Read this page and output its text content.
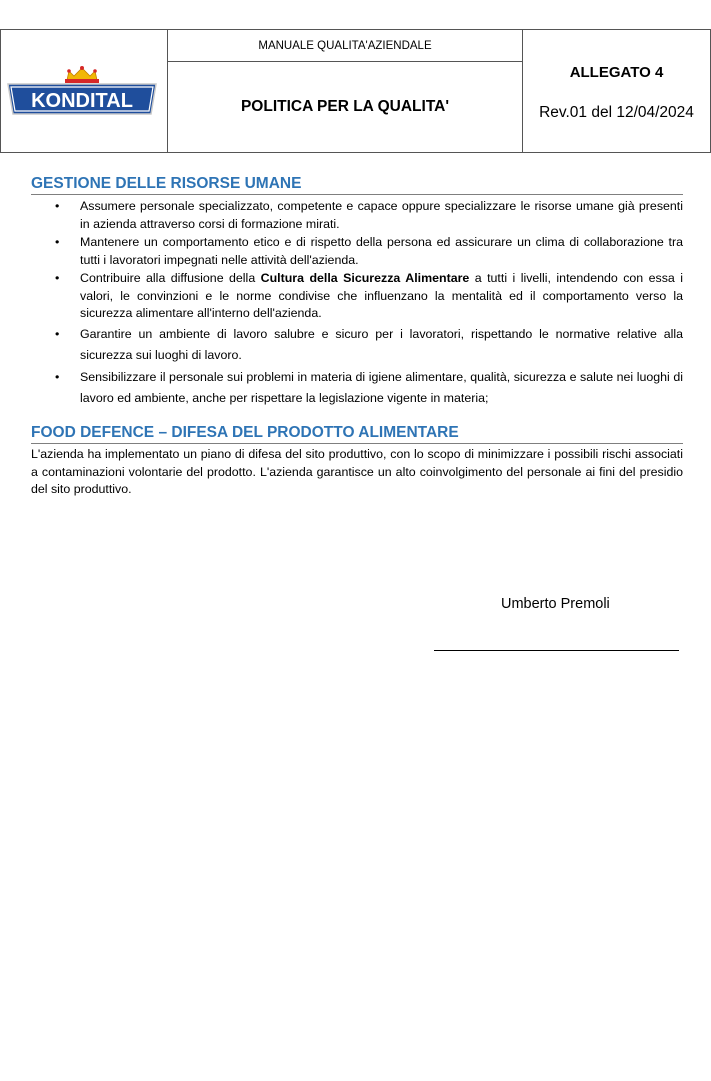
KONDITAL
MANUALE QUALITA'AZIENDALE
POLITICA PER LA QUALITA'
ALLEGATO 4
Rev.01 del 12/04/2024
GESTIONE DELLE RISORSE UMANE
• Assumere personale specializzato, competente e capace oppure specializzare le risorse umane già presenti in azienda attraverso corsi di formazione mirati.
• Mantenere un comportamento etico e di rispetto della persona ed assicurare un clima di collaborazione tra tutti i lavoratori impegnati nelle attività dell'azienda.
• Contribuire alla diffusione della Cultura della Sicurezza Alimentare a tutti i livelli, intendendo con essa i valori, le convinzioni e le norme condivise che influenzano la mentalità ed il comportamento verso la sicurezza alimentare all'interno dell'azienda.
• Garantire un ambiente di lavoro salubre e sicuro per i lavoratori, rispettando le normative relative alla sicurezza sui luoghi di lavoro.
• Sensibilizzare il personale sui problemi in materia di igiene alimentare, qualità, sicurezza e salute nei luoghi di lavoro ed ambiente, anche per rispettare la legislazione vigente in materia;
FOOD DEFENCE – DIFESA DEL PRODOTTO ALIMENTARE
L'azienda ha implementato un piano di difesa del sito produttivo, con lo scopo di minimizzare i possibili rischi associati a contaminazioni volontarie del prodotto. L'azienda garantisce un alto coinvolgimento del personale ai fini del presidio del sito produttivo.
Umberto Premoli
